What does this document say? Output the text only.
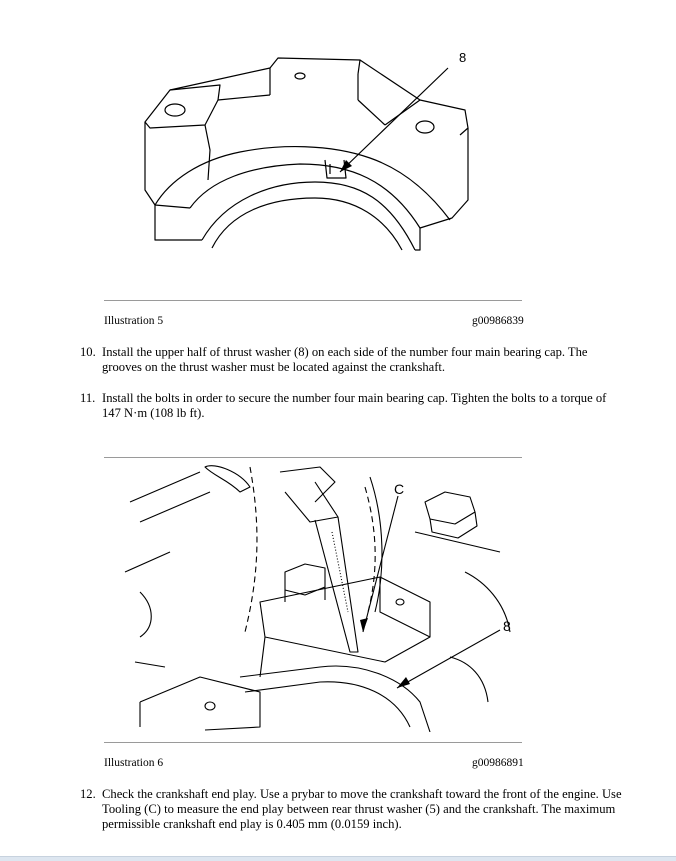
8
Illustration 5	g00986839
10. Install the upper half of thrust washer (8) on each side of the number four main bearing cap. The grooves on the thrust washer must be located against the crankshaft.
11. Install the bolts in order to secure the number four main bearing cap. Tighten the bolts to a torque of 147 N·m (108 lb ft).
C
8
Illustration 6	g00986891
12. Check the crankshaft end play. Use a prybar to move the crankshaft toward the front of the engine. Use Tooling (C) to measure the end play between rear thrust washer (5) and the crankshaft. The maximum permissible crankshaft end play is 0.405 mm (0.0159 inch).
